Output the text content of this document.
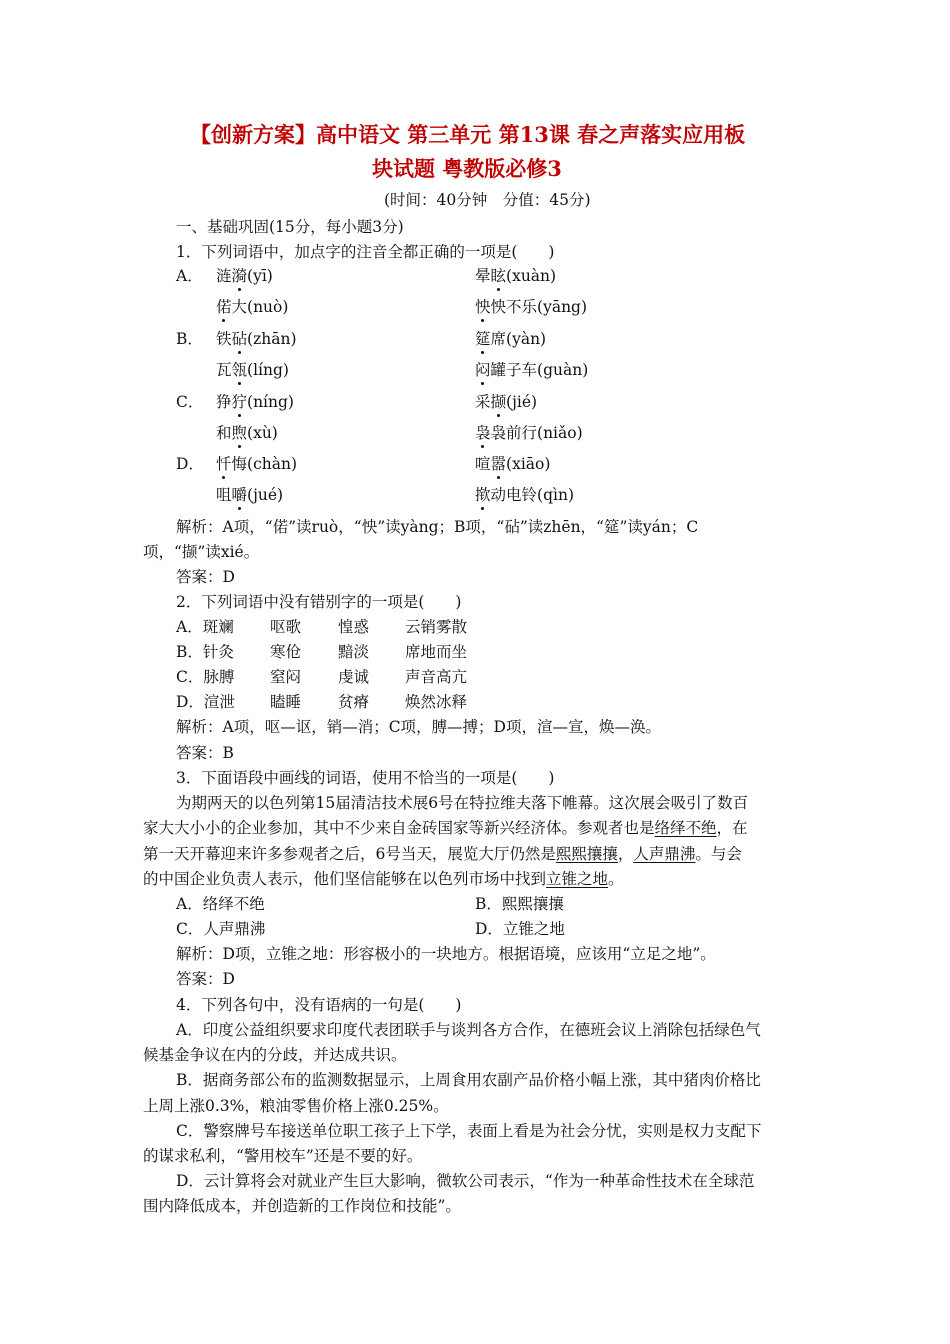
【创新方案】高中语文 第三单元 第13课 春之声落实应用板
块试题 粤教版必修3
(时间：40分钟　分值：45分)
一、基础巩固(15分，每小题3分)
1．下列词语中，加点字的注音全都正确的一项是(　　)
A． 涟漪(yī)	晕眩(xuàn)
偌大(nuò)	怏怏不乐(yāng)
B． 铁砧(zhān)	筵席(yàn)
瓦瓴(líng)	闷罐子车(guàn)
C． 狰狞(níng)	采撷(jié)
和煦(xù)	袅袅前行(niǎo)
D． 忏悔(chàn)	喧嚣(xiāo)
咀嚼(jué)	揿动电铃(qìn)
解析：A项，“偌”读ruò，“怏”读yàng；B项，“砧”读zhēn，“筵”读yán；C
项，“撷”读xié。
答案：D
2．下列词语中没有错别字的一项是(　　)
A．斑斓 呕歌 惶惑 云销雾散
B．针灸 寒伧 黯淡 席地而坐
C．脉膊 窒闷 虔诚 声音高亢
D．渲泄 瞌睡 贫瘠 焕然冰释
解析：A项，呕—讴，销—消；C项，膊—搏；D项，渲—宣，焕—涣。
答案：B
3．下面语段中画线的词语，使用不恰当的一项是(　　)
为期两天的以色列第15届清洁技术展6号在特拉维夫落下帷幕。这次展会吸引了数百
家大大小小的企业参加，其中不少来自金砖国家等新兴经济体。参观者也是络绎不绝，在
第一天开幕迎来许多参观者之后，6号当天，展览大厅仍然是熙熙攘攘，人声鼎沸。与会
的中国企业负责人表示，他们坚信能够在以色列市场中找到立锥之地。
A．络绎不绝	B．熙熙攘攘
C．人声鼎沸	D．立锥之地
解析：D项，立锥之地：形容极小的一块地方。根据语境，应该用“立足之地”。
答案：D
4．下列各句中，没有语病的一句是(　　)
A．印度公益组织要求印度代表团联手与谈判各方合作，在德班会议上消除包括绿色气
候基金争议在内的分歧，并达成共识。
B．据商务部公布的监测数据显示，上周食用农副产品价格小幅上涨，其中猪肉价格比
上周上涨0.3%，粮油零售价格上涨0.25%。
C．警察牌号车接送单位职工孩子上下学，表面上看是为社会分忧，实则是权力支配下
的谋求私利，“警用校车”还是不要的好。
D．云计算将会对就业产生巨大影响，微软公司表示，“作为一种革命性技术在全球范
围内降低成本，并创造新的工作岗位和技能”。
